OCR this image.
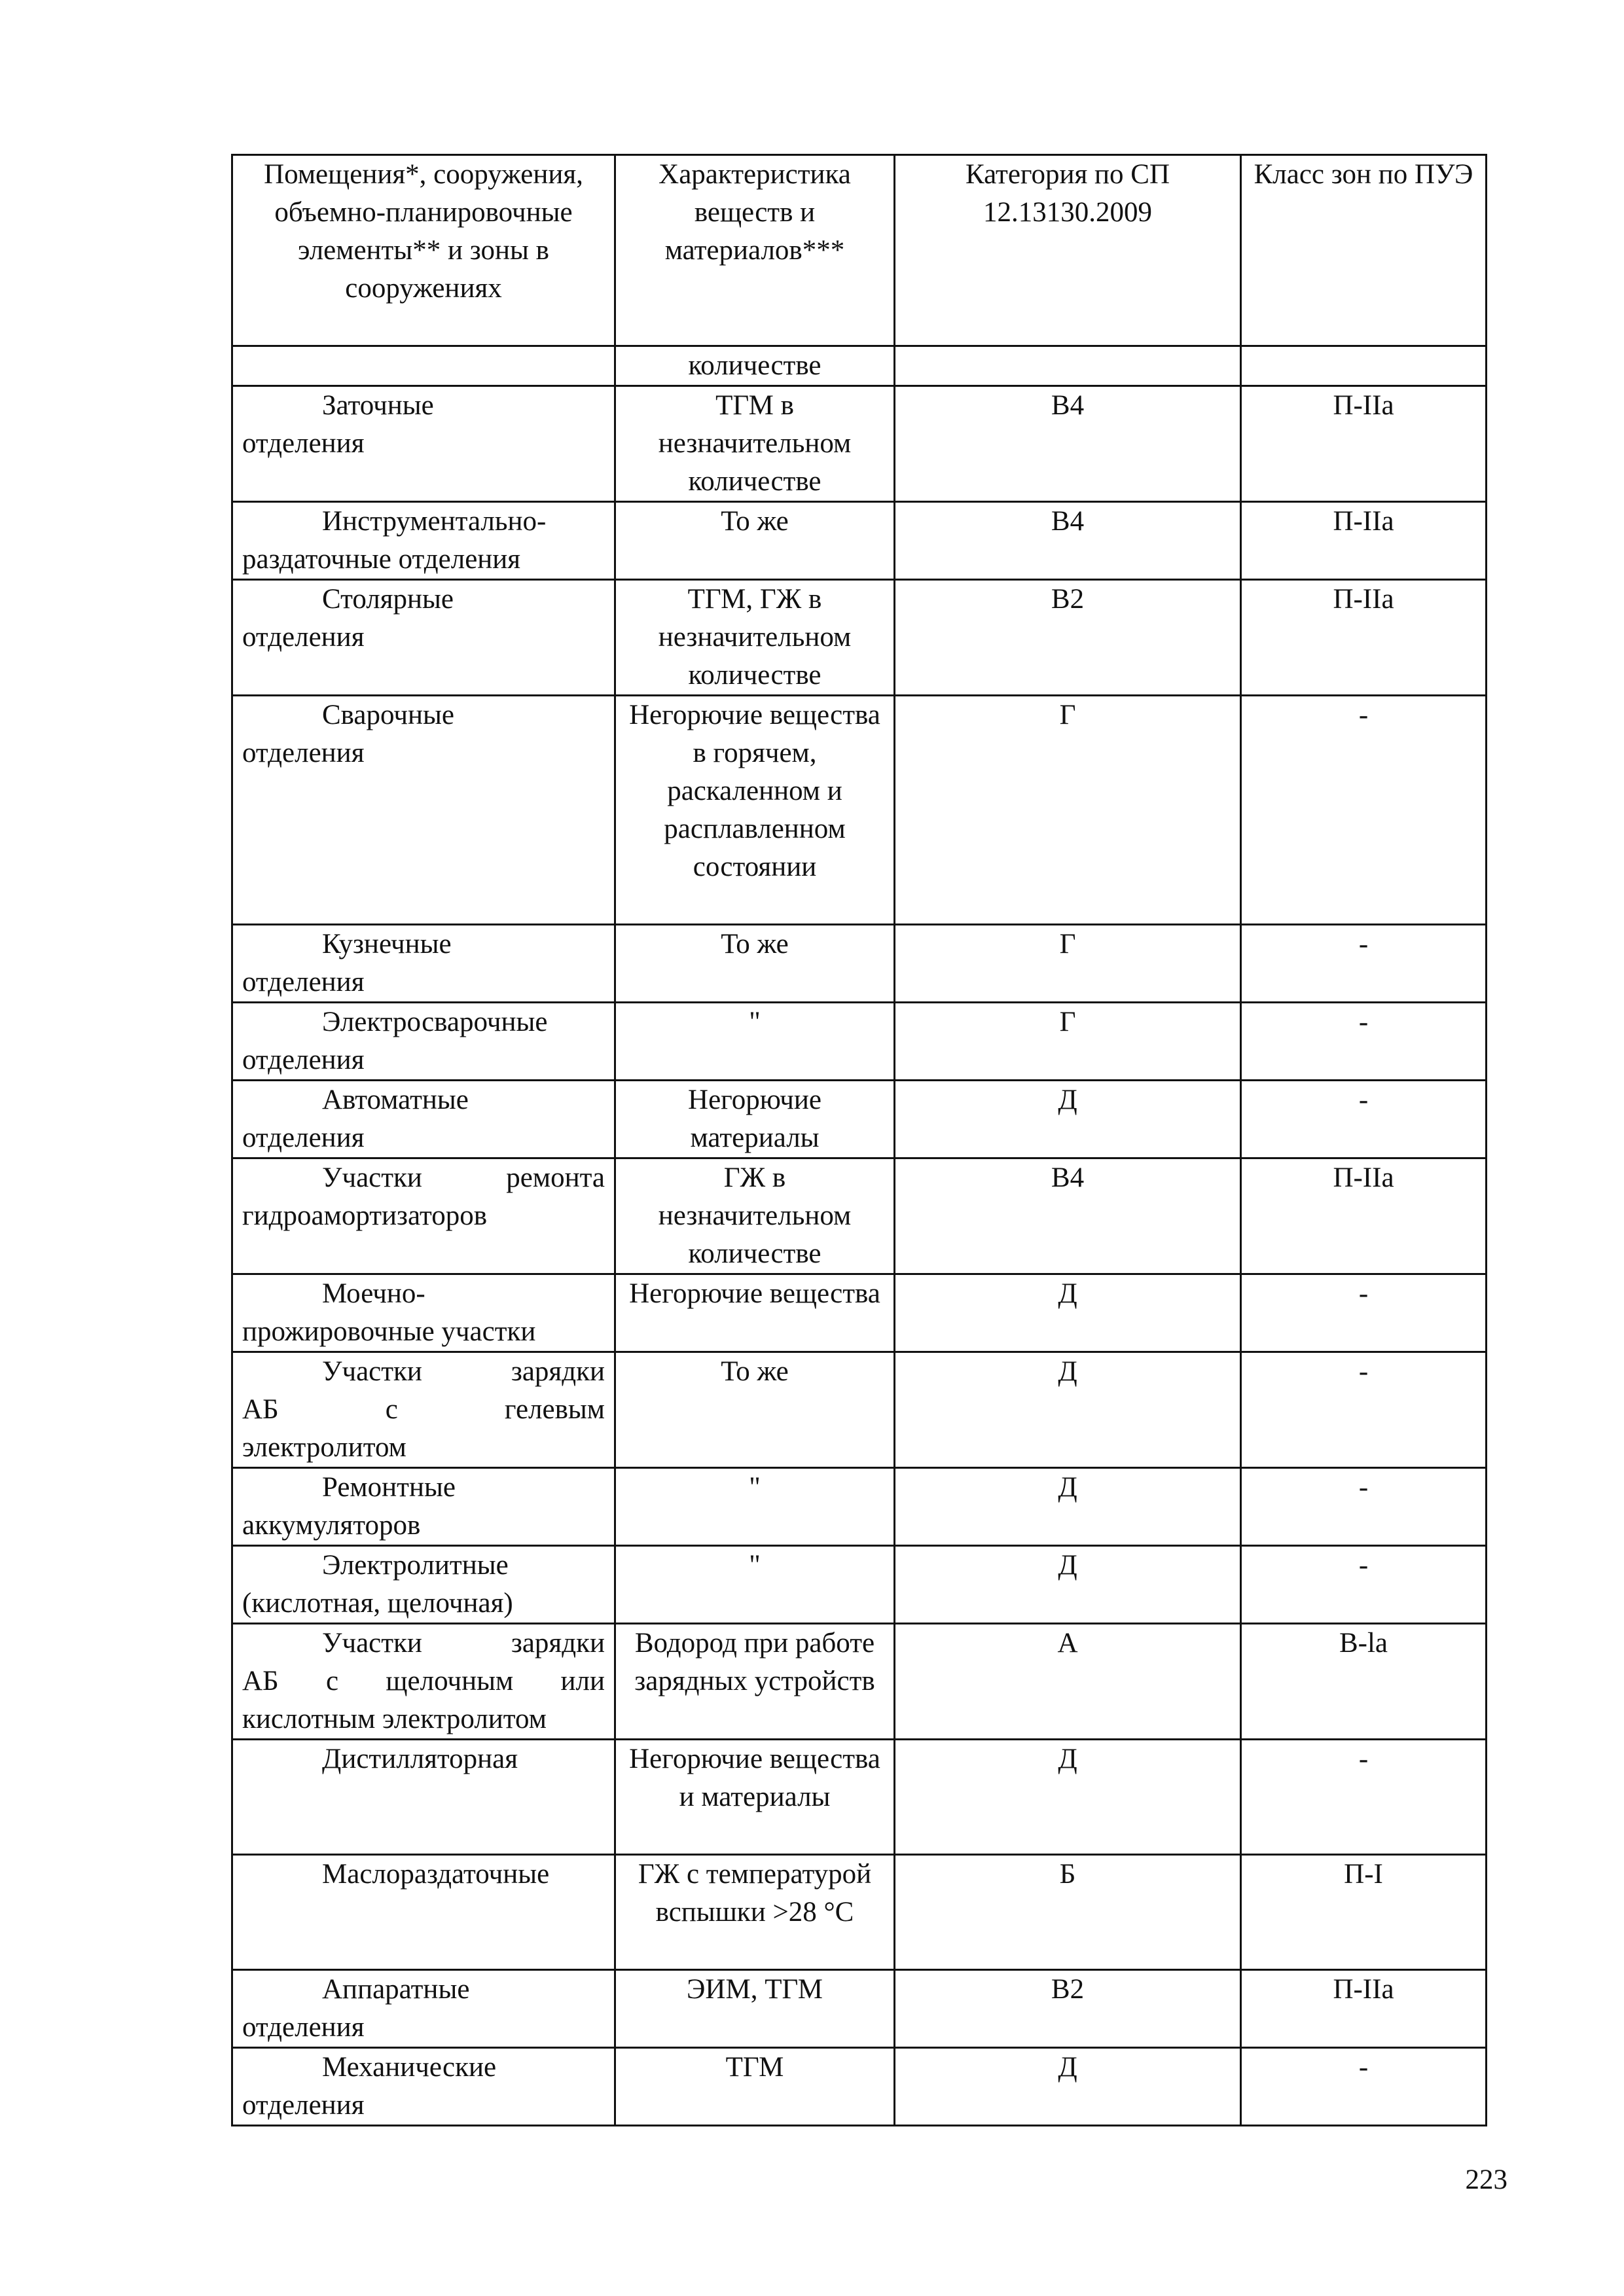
Помещения*, сооружения, объемно-планировочные элементы** и зоны в сооружениях	Характеристика веществ и материалов***	Категория по СП 12.13130.2009	Класс зон по ПУЭ
	количестве		

Заточные
отделения	ТГМ в незначительном количестве	В4	П-IIa

Инструментально-
раздаточные отделения	То же	В4	П-IIa

Столярные
отделения	ТГМ, ГЖ в незначительном количестве	В2	П-IIa

Сварочные
отделения	Негорючие вещества в горячем, раскаленном и расплавленном состоянии	Г	-

Кузнечные
отделения	То же	Г	-

Электросварочные
отделения	"	Г	-

Автоматные
отделения	Негорючие материалы	Д	-

Участки ремонта
гидроамортизаторов	ГЖ в незначительном количестве	В4	П-IIa

Моечно-
прожировочные участки	Негорючие вещества	Д	-

Участки зарядки
АБ с гелевым
электролитом	То же	Д	-

Ремонтные
аккумуляторов	"	Д	-

Электролитные
(кислотная, щелочная)	"	Д	-

Участки зарядки
АБ с щелочным или
кислотным электролитом	Водород при работе зарядных устройств	А	В-la

Дистилляторная	Негорючие вещества и материалы	Д	-

Маслораздаточные	ГЖ с температурой вспышки >28 °С	Б	П-I

Аппаратные
отделения	ЭИМ, ТГМ	В2	П-IIa

Механические
отделения	ТГМ	Д	-
223
